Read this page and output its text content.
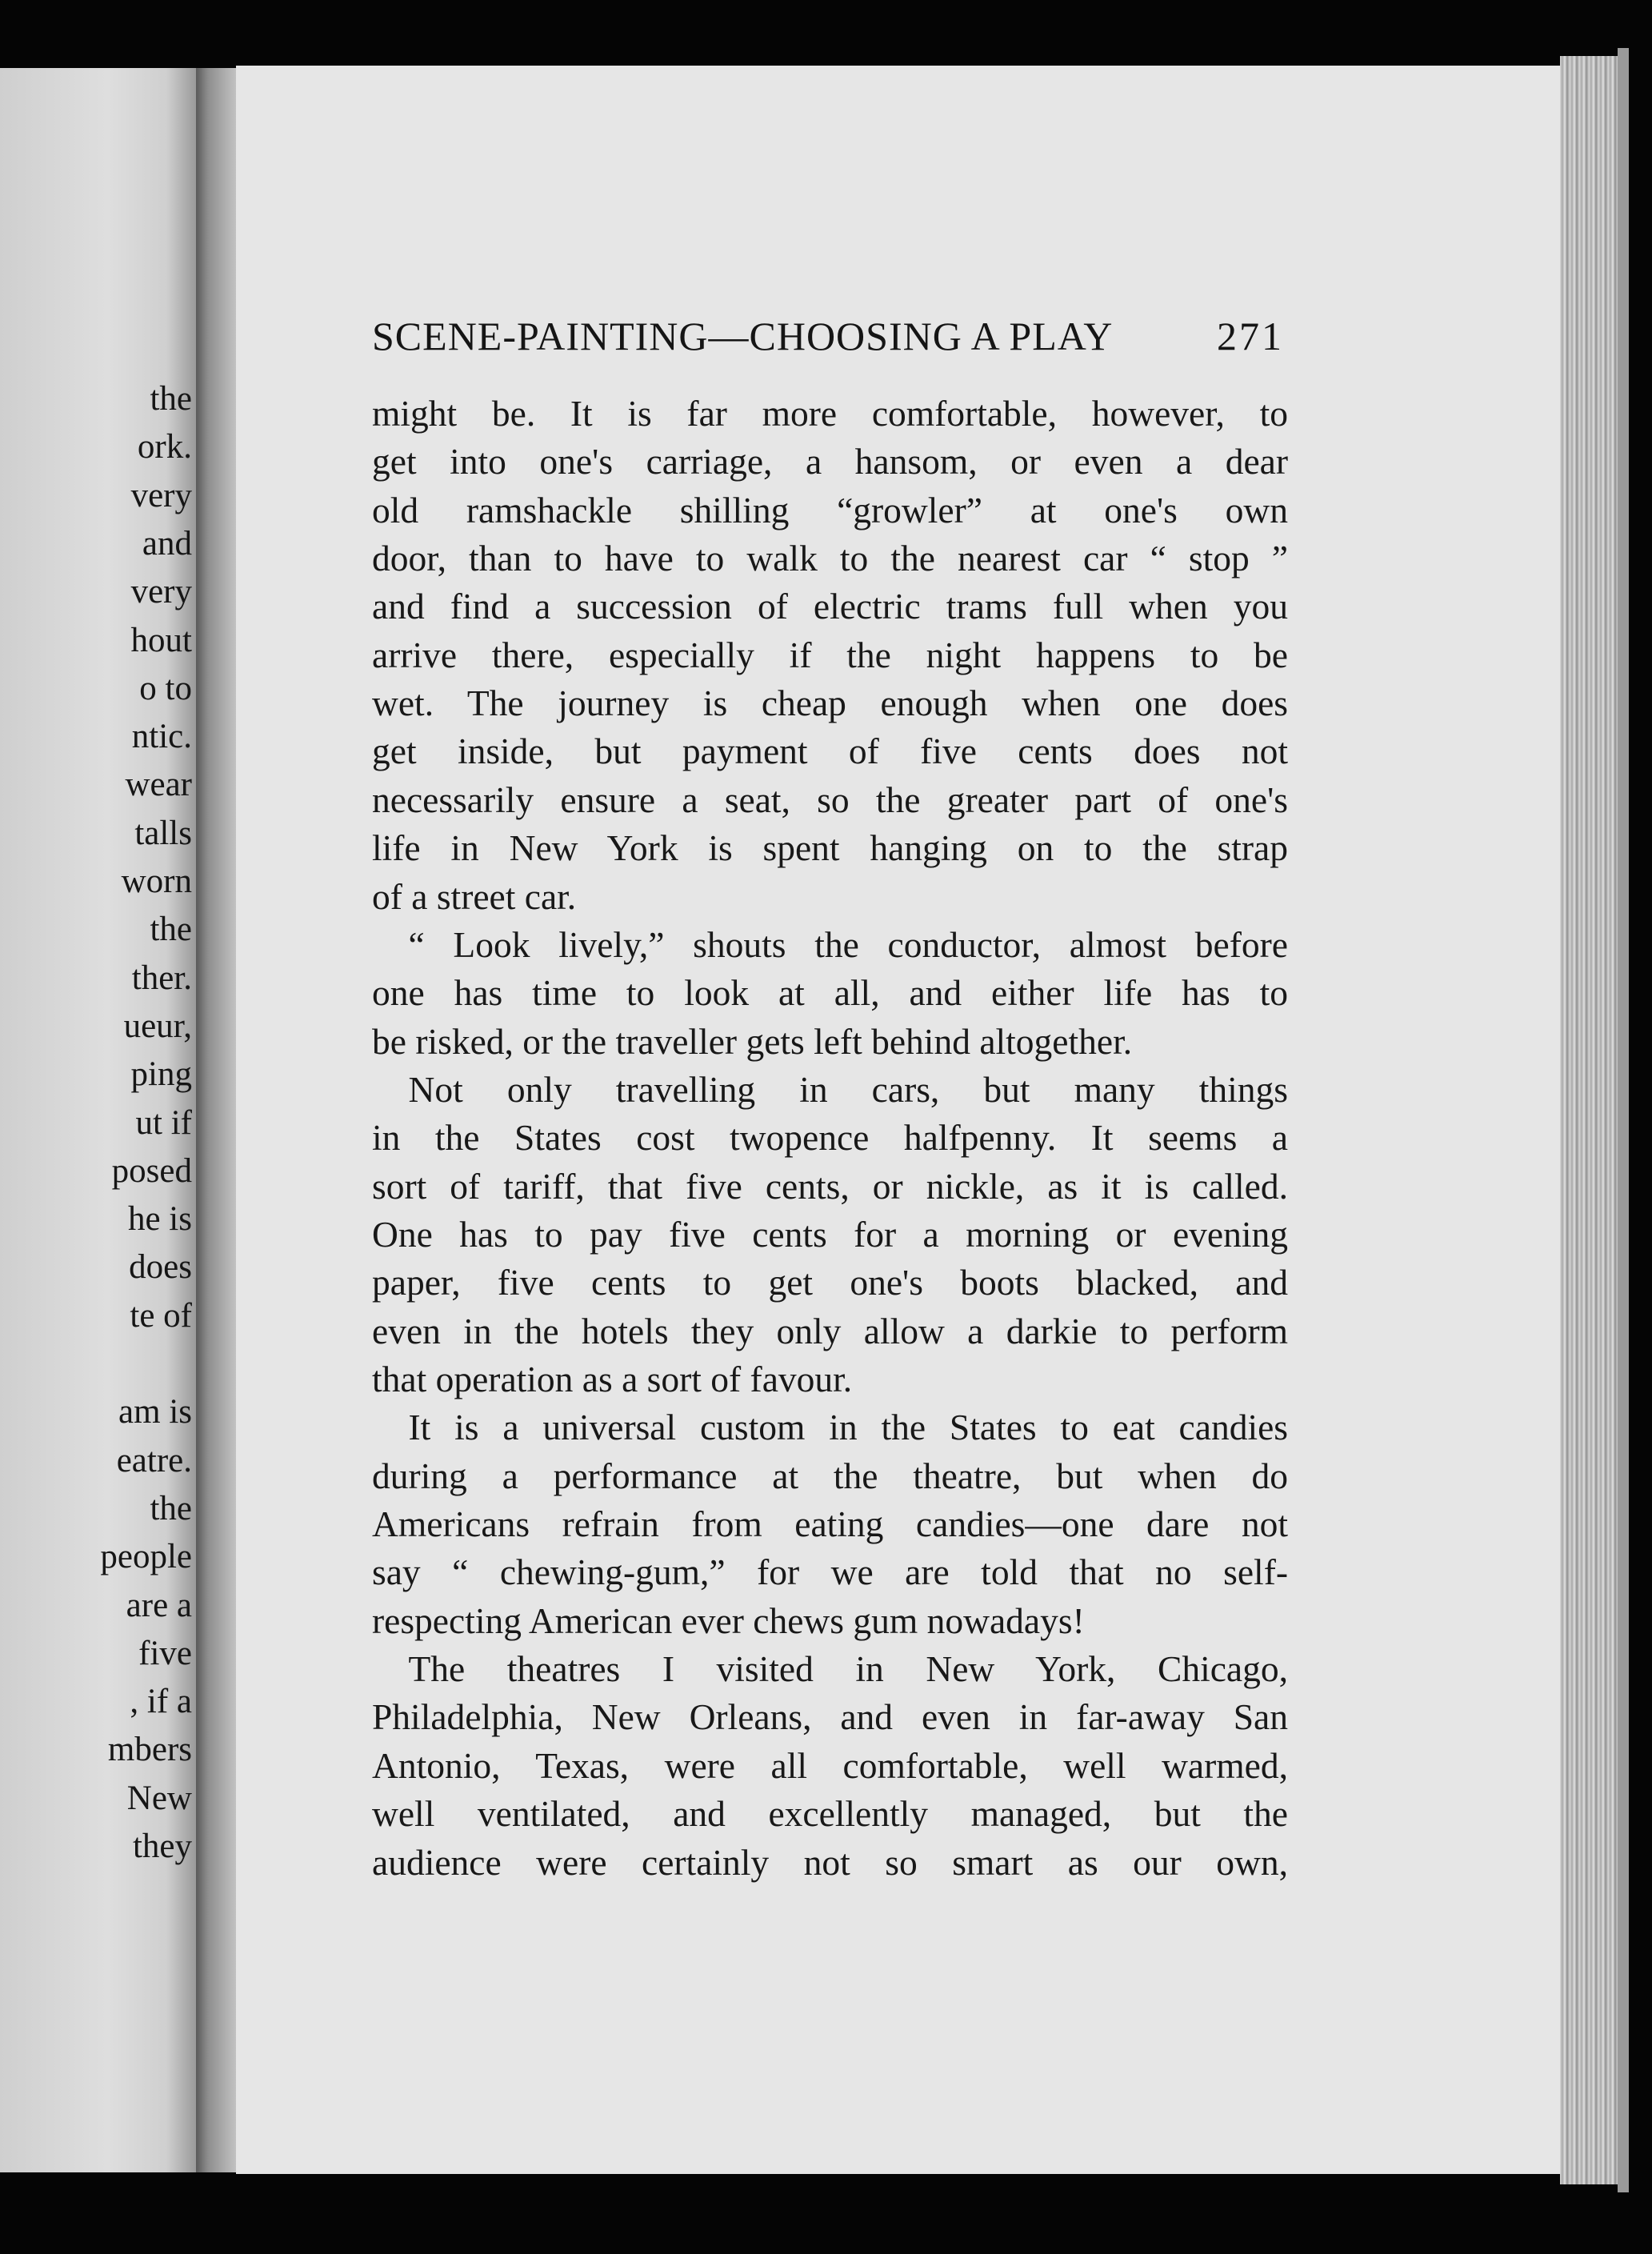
the
ork.
very
and
very
hout
o to
ntic.
wear
talls
worn
the
ther.
ueur,
ping
ut if
posed
he is
does
te of
am is
eatre.
the
people
are a
five
, if a
mbers
New
they
SCENE-PAINTING—CHOOSING A PLAY	271
might be. It is far more comfortable, however, to
get into one's carriage, a hansom, or even a dear
old ramshackle shilling “growler” at one's own
door, than to have to walk to the nearest car “ stop ”
and find a succession of electric trams full when you
arrive there, especially if the night happens to be
wet. The journey is cheap enough when one does
get inside, but payment of five cents does not
necessarily ensure a seat, so the greater part of one's
life in New York is spent hanging on to the strap
of a street car.
 “ Look lively,” shouts the conductor, almost before
one has time to look at all, and either life has to
be risked, or the traveller gets left behind altogether.
 Not only travelling in cars, but many things
in the States cost twopence halfpenny. It seems a
sort of tariff, that five cents, or nickle, as it is called.
One has to pay five cents for a morning or evening
paper, five cents to get one's boots blacked, and
even in the hotels they only allow a darkie to perform
that operation as a sort of favour.
 It is a universal custom in the States to eat candies
during a performance at the theatre, but when do
Americans refrain from eating candies—one dare not
say “ chewing-gum,” for we are told that no self-
respecting American ever chews gum nowadays!
 The theatres I visited in New York, Chicago,
Philadelphia, New Orleans, and even in far-away San
Antonio, Texas, were all comfortable, well warmed,
well ventilated, and excellently managed, but the
audience were certainly not so smart as our own,
